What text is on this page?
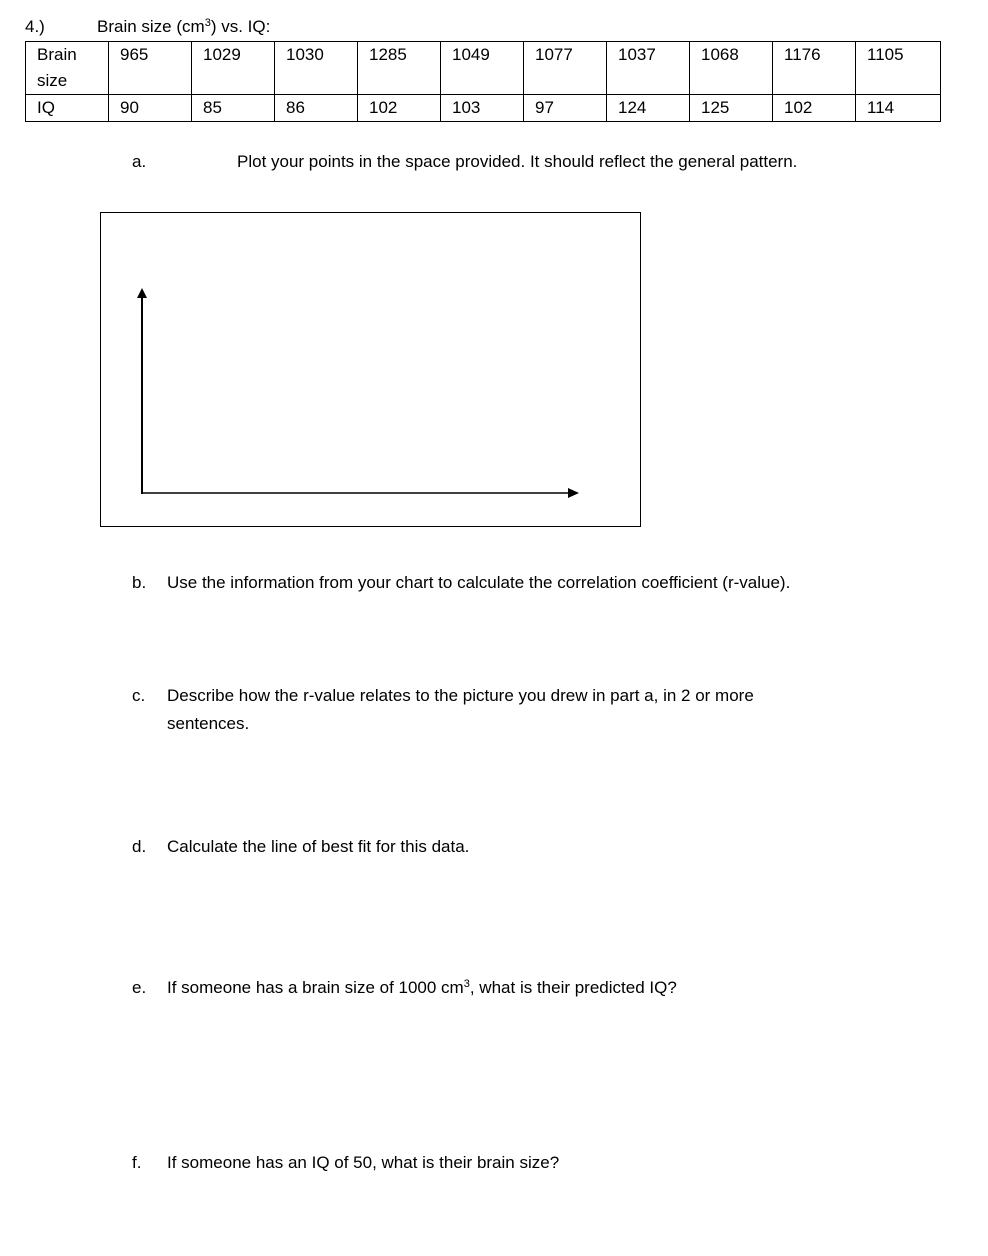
4.)	Brain size $(cm^3)$ vs. IQ:
Brain size	965	1029	1030	1285	1049	1077	1037	1068	1176	1105
IQ	90	85	86	102	103	97	124	125	102	114
a.	Plot your points in the space provided. It should reflect the general pattern.
b. Use the information from your chart to calculate the correlation coefficient (r-value).
c. Describe how the r-value relates to the picture you drew in part a, in 2 or more
sentences.
d. Calculate the line of best fit for this data.
e. If someone has a brain size of 1000 $cm^3$, what is their predicted IQ?
f. If someone has an IQ of 50, what is their brain size?
